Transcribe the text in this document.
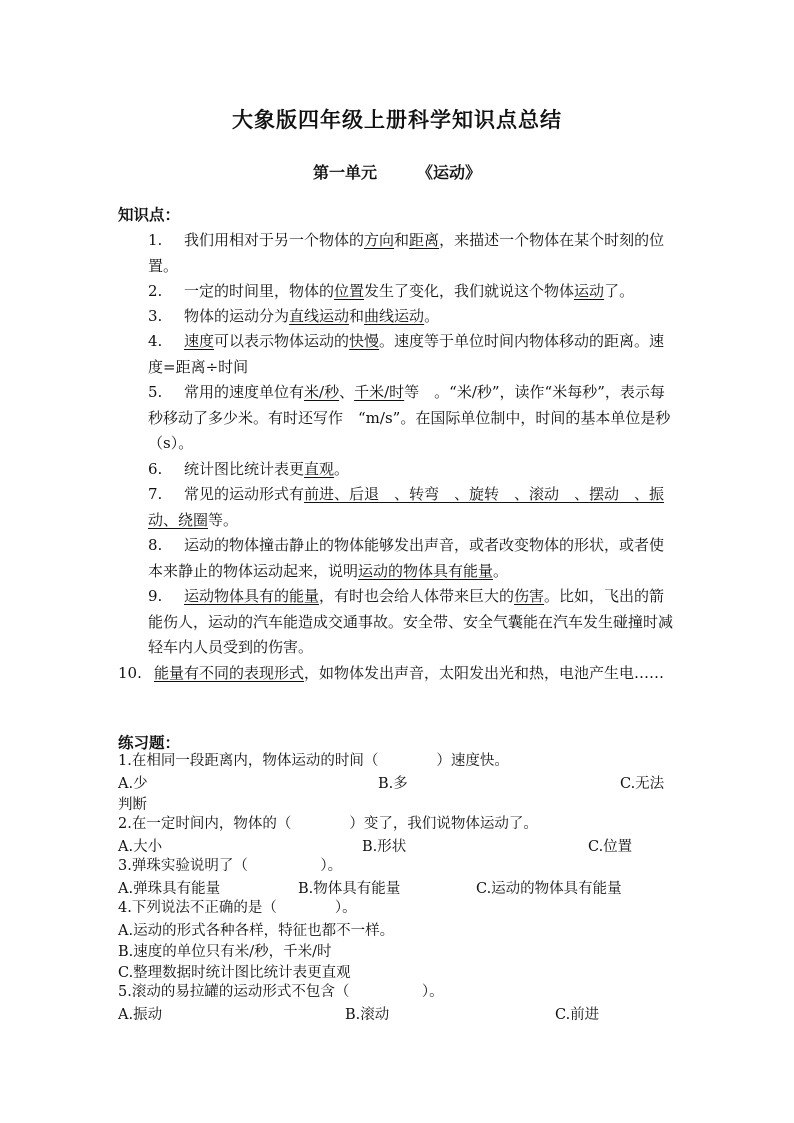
大象版四年级上册科学知识点总结
第一单元	《运动》
知识点：
1. 我们用相对于另一个物体的方向和距离，来描述一个物体在某个时刻的位置。
2. 一定的时间里，物体的位置发生了变化，我们就说这个物体运动了。
3. 物体的运动分为直线运动和曲线运动。
4. 速度可以表示物体运动的快慢。速度等于单位时间内物体移动的距离。速度=距离÷时间
5. 常用的速度单位有米/秒、千米/时等　。“米/秒”，读作“米每秒”，表示每秒移动了多少米。有时还写作　“m/s”。在国际单位制中，时间的基本单位是秒（s）。
6. 统计图比统计表更直观。
7. 常见的运动形式有前进、后退　、转弯　、旋转　、滚动　、摆动　、振动、绕圈等。
8. 运动的物体撞击静止的物体能够发出声音，或者改变物体的形状，或者使本来静止的物体运动起来，说明运动的物体具有能量。
9. 运动物体具有的能量，有时也会给人体带来巨大的伤害。比如，飞出的箭能伤人，运动的汽车能造成交通事故。安全带、安全气囊能在汽车发生碰撞时减轻车内人员受到的伤害。
10. 能量有不同的表现形式，如物体发出声音，太阳发出光和热，电池产生电……
练习题：
1.在相同一段距离内，物体运动的时间（　　　　）速度快。
A.少	B.多	C.无法
判断
2.在一定时间内，物体的（　　　　）变了，我们说物体运动了。
A.大小	B.形状	C.位置
3.弹珠实验说明了（　　　　　）。
A.弹珠具有能量	B.物体具有能量	C.运动的物体具有能量
4.下列说法不正确的是（　　　　）。
A.运动的形式各种各样，特征也都不一样。
B.速度的单位只有米/秒，千米/时
C.整理数据时统计图比统计表更直观
5.滚动的易拉罐的运动形式不包含（　　　　　）。
A.振动	B.滚动	C.前进
